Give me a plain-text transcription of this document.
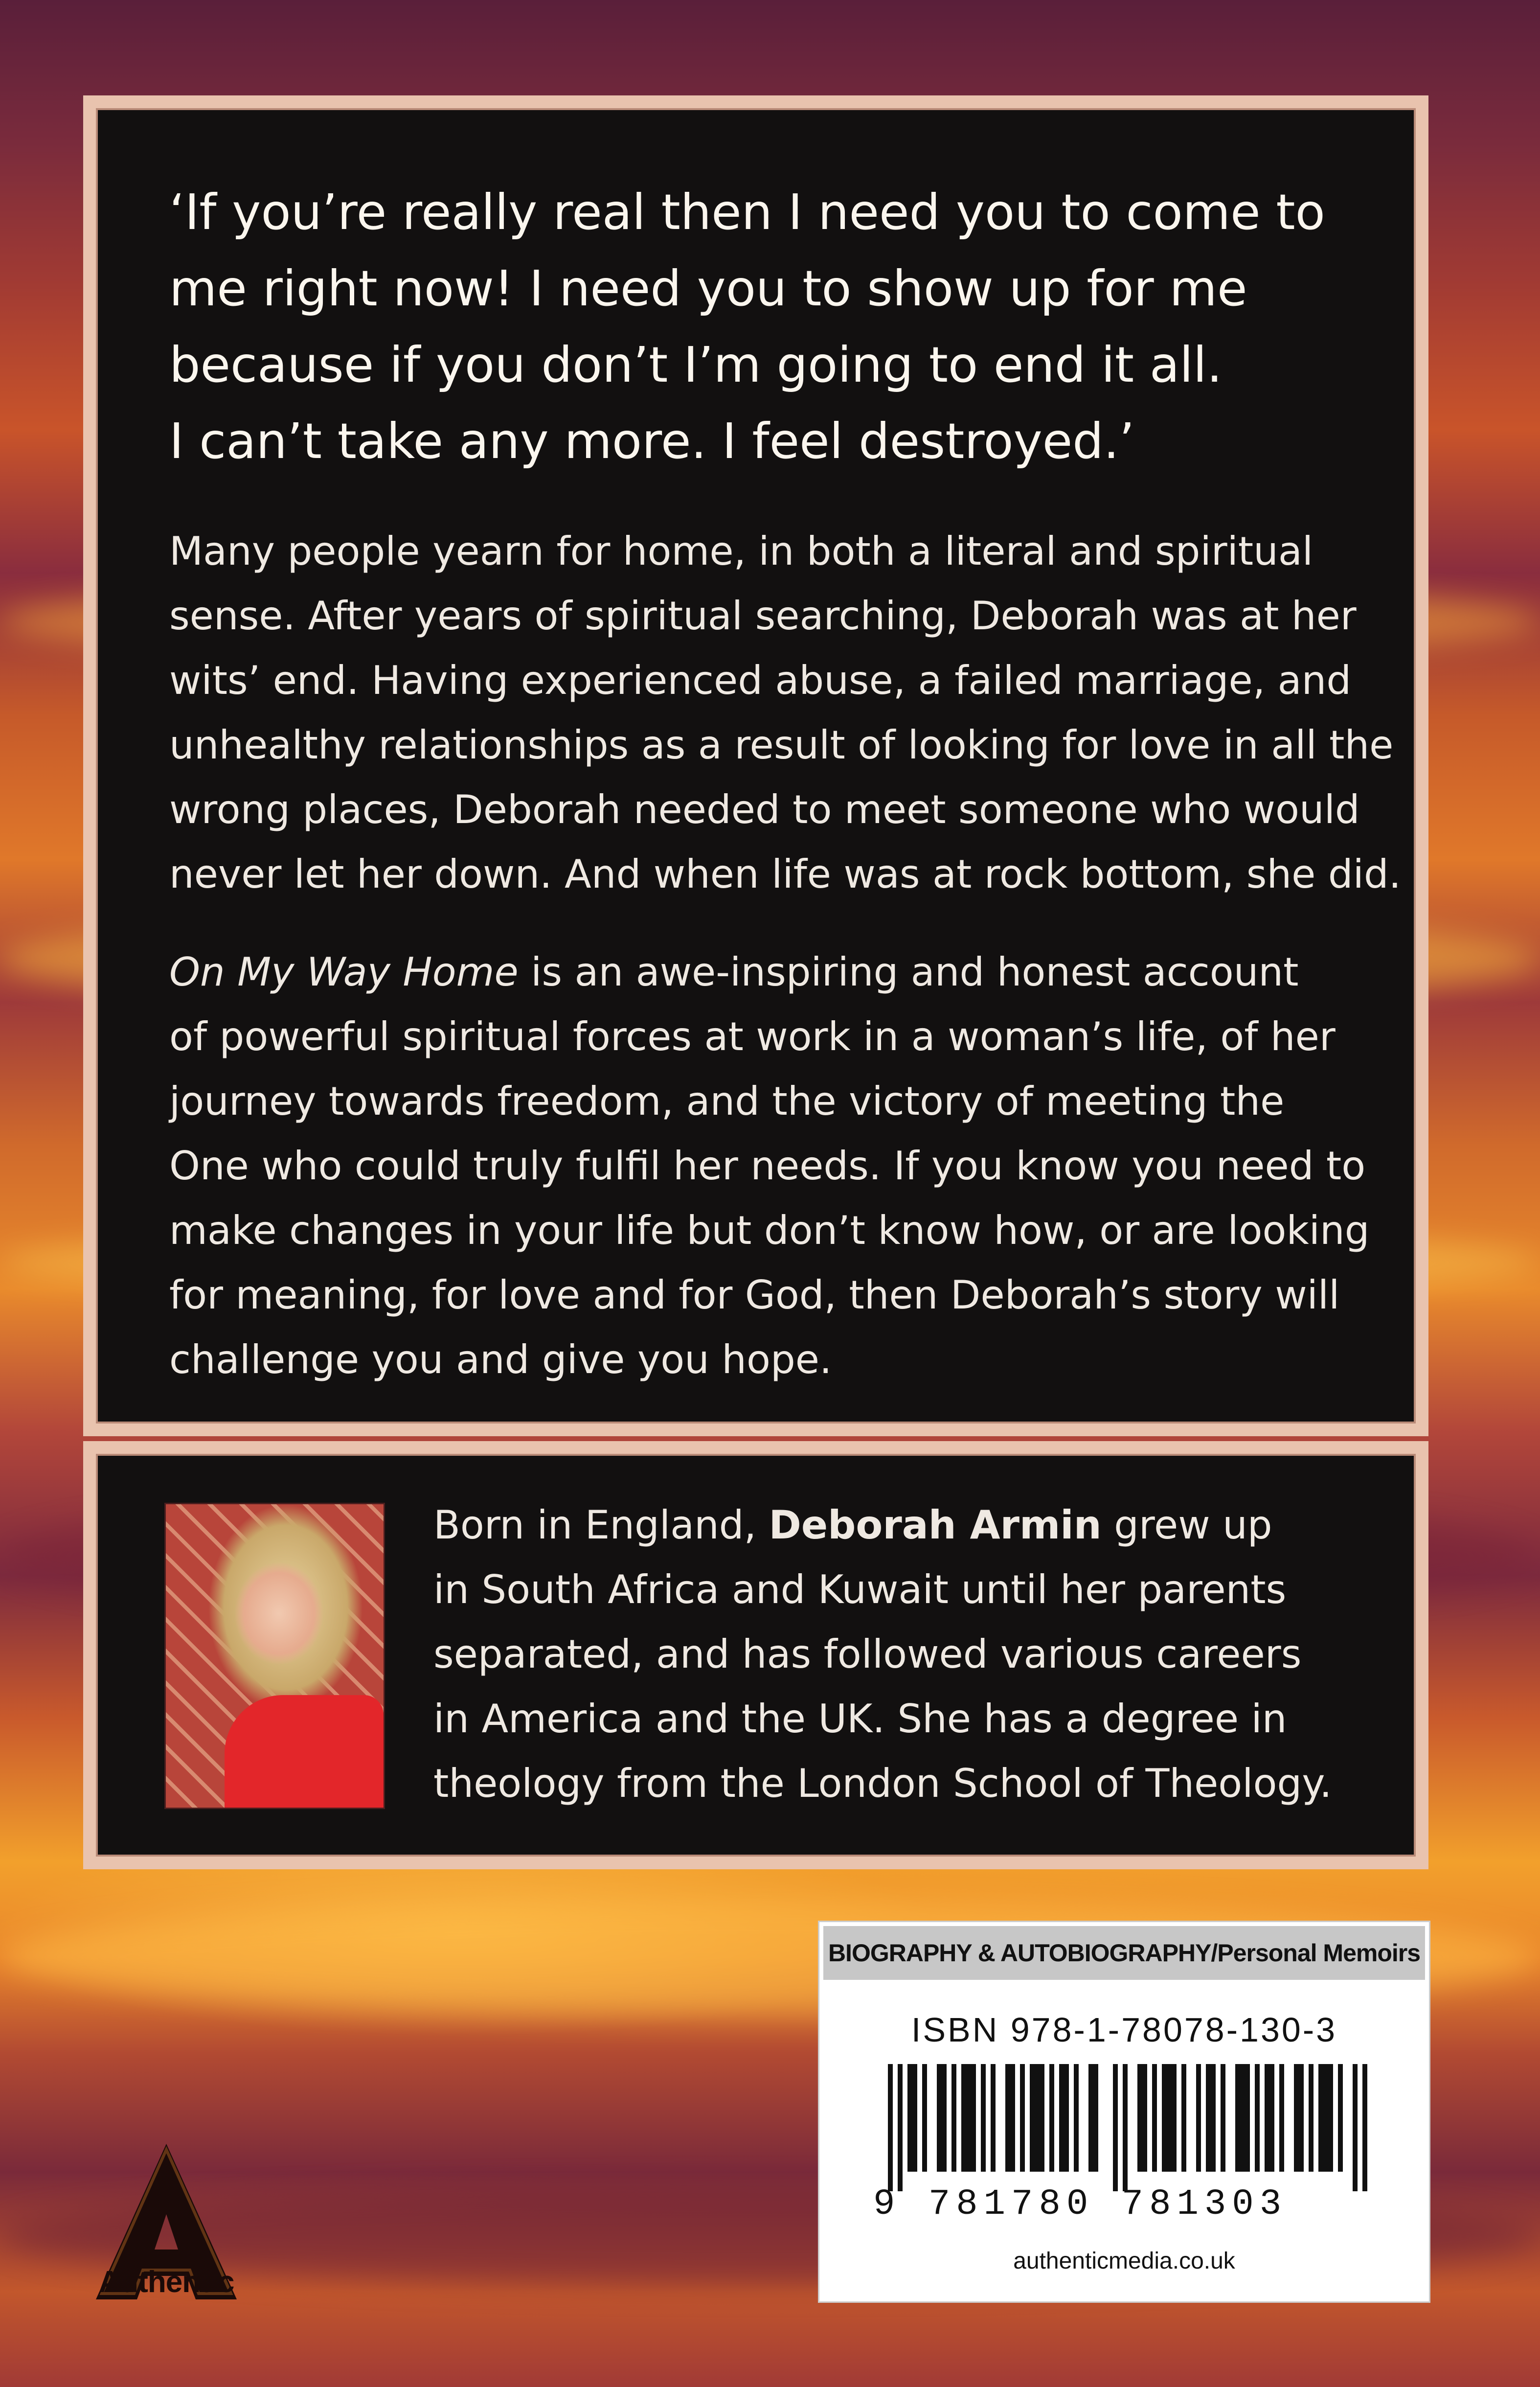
‘If you’re really real then I need you to come to
me right now! I need you to show up for me
because if you don’t I’m going to end it all.
I can’t take any more. I feel destroyed.’
Many people yearn for home, in both a literal and spiritual
sense. After years of spiritual searching, Deborah was at her
wits’ end. Having experienced abuse, a failed marriage, and
unhealthy relationships as a result of looking for love in all the
wrong places, Deborah needed to meet someone who would
never let her down. And when life was at rock bottom, she did.
On My Way Home is an awe-inspiring and honest account
of powerful spiritual forces at work in a woman’s life, of her
journey towards freedom, and the victory of meeting the
One who could truly fulfil her needs. If you know you need to
make changes in your life but don’t know how, or are looking
for meaning, for love and for God, then Deborah’s story will
challenge you and give you hope.
Born in England, Deborah Armin grew up
in South Africa and Kuwait until her parents
separated, and has followed various careers
in America and the UK. She has a degree in
theology from the London School of Theology.
BIOGRAPHY & AUTOBIOGRAPHY/Personal Memoirs
ISBN 978-1-78078-130-3
9 781780 781303
authenticmedia.co.uk
Authentic
